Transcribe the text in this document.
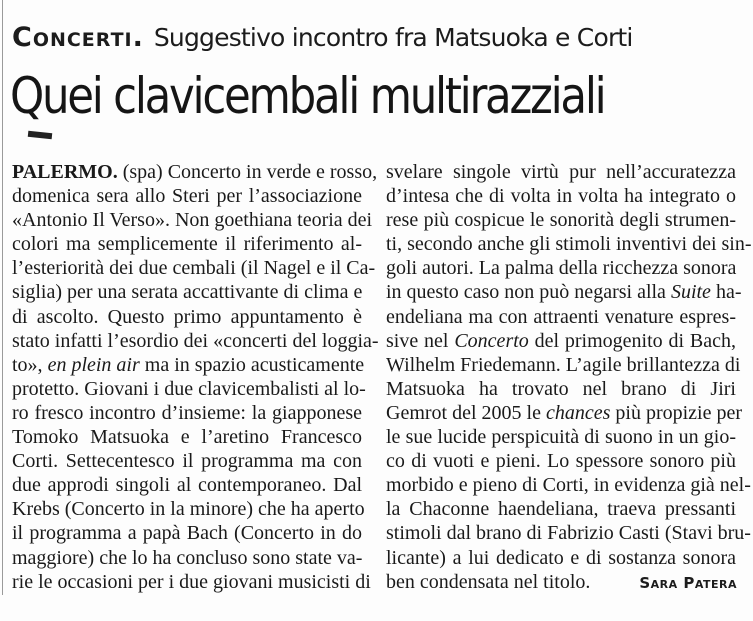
Concerti. Suggestivo incontro fra Matsuoka e Corti
Quei clavicembali multirazziali
PALERMO. (spa) Concerto in verde e rosso,
domenica sera allo Steri per l’associazione
«Antonio Il Verso». Non goethiana teoria dei
colori ma semplicemente il riferimento al-
l’esteriorità dei due cembali (il Nagel e il Ca-
siglia) per una serata accattivante di clima e
di ascolto. Questo primo appuntamento è
stato infatti l’esordio dei «concerti del loggia-
to», en plein air ma in spazio acusticamente
protetto. Giovani i due clavicembalisti al lo-
ro fresco incontro d’insieme: la giapponese
Tomoko Matsuoka e l’aretino Francesco
Corti. Settecentesco il programma ma con
due approdi singoli al contemporaneo. Dal
Krebs (Concerto in la minore) che ha aperto
il programma a papà Bach (Concerto in do
maggiore) che lo ha concluso sono state va-
rie le occasioni per i due giovani musicisti di
svelare singole virtù pur nell’accuratezza
d’intesa che di volta in volta ha integrato o
rese più cospicue le sonorità degli strumen-
ti, secondo anche gli stimoli inventivi dei sin-
goli autori. La palma della ricchezza sonora
in questo caso non può negarsi alla Suite ha-
endeliana ma con attraenti venature espres-
sive nel Concerto del primogenito di Bach,
Wilhelm Friedemann. L’agile brillantezza di
Matsuoka ha trovato nel brano di Jiri
Gemrot del 2005 le chances più propizie per
le sue lucide perspicuità di suono in un gio-
co di vuoti e pieni. Lo spessore sonoro più
morbido e pieno di Corti, in evidenza già nel-
la Chaconne haendeliana, traeva pressanti
stimoli dal brano di Fabrizio Casti (Stavi bru-
licante) a lui dedicato e di sostanza sonora
ben condensata nel titolo.	Sara Patera
